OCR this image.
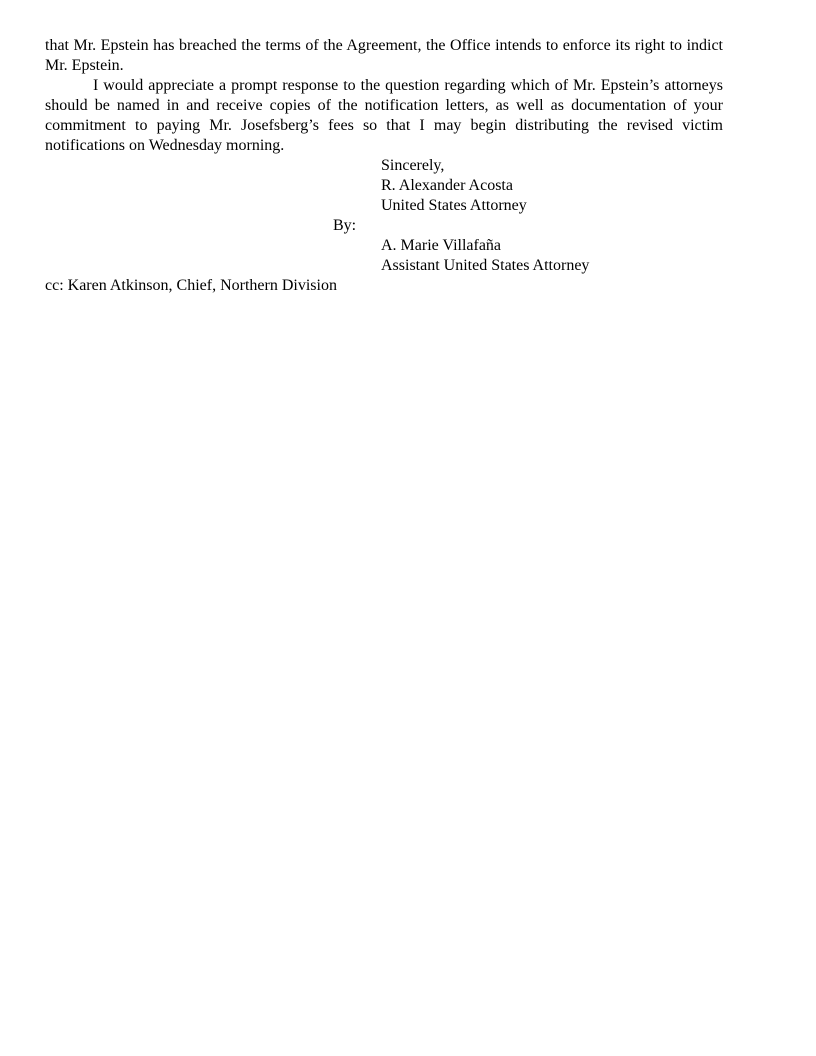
that Mr. Epstein has breached the terms of the Agreement, the Office intends to enforce its right to indict Mr. Epstein.

I would appreciate a prompt response to the question regarding which of Mr. Epstein’s attorneys should be named in and receive copies of the notification letters, as well as documentation of your commitment to paying Mr. Josefsberg’s fees so that I may begin distributing the revised victim notifications on Wednesday morning.

Sincerely,

R. Alexander Acosta

United States Attorney

By:

A. Marie Villafaña

Assistant United States Attorney

cc: Karen Atkinson, Chief, Northern Division
